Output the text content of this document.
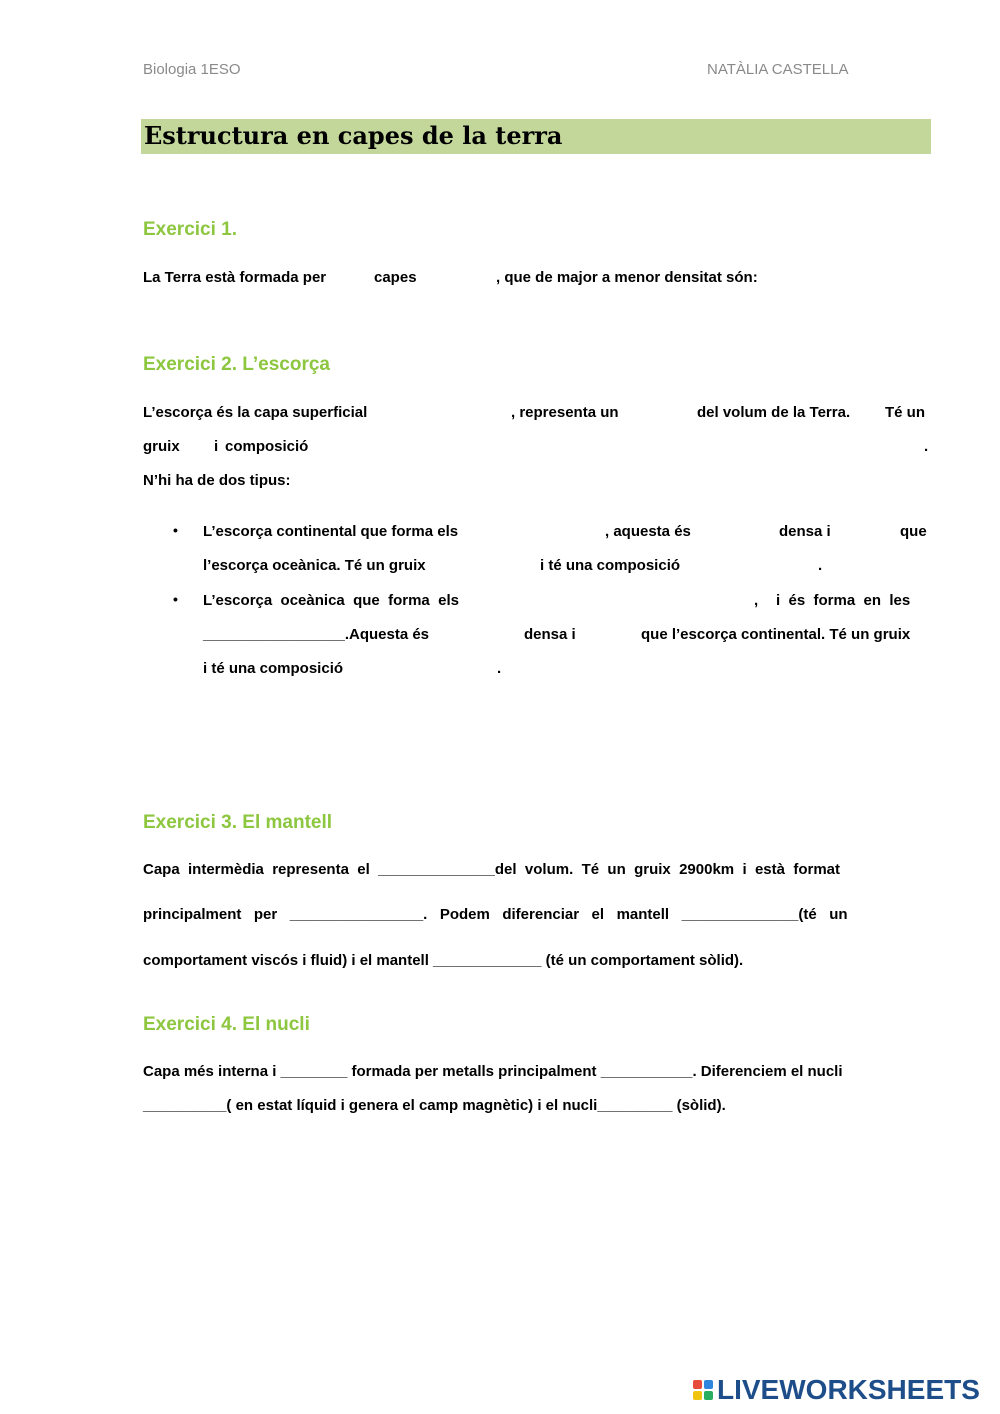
Biologia 1ESO	NATÀLIA CASTELLA
Estructura en capes de la terra
Exercici 1.
La Terra està formada per	capes	, que de major a menor densitat són:
Exercici 2. L’escorça
L’escorça és la capa superficial	, representa un	del volum de la Terra. Té un
gruix i composició	.
N’hi ha de dos tipus:
• L’escorça continental que forma els	, aquesta és	densa i	que
l’escorça oceànica. Té un gruix	i té una composició	.
• L’escorça  oceànica  que  forma  els	, i  és  forma  en  les
_________________.Aquesta és	densa i	que l’escorça continental. Té un gruix
i té una composició	.
Exercici 3. El mantell
Capa  intermèdia  representa  el  ______________del  volum.  Té  un  gruix  2900km  i  està  format
principalment   per   ________________.   Podem   diferenciar   el   mantell   ______________(té   un
comportament viscós i fluid) i el mantell _____________ (té un comportament sòlid).
Exercici 4. El nucli
Capa més interna i ________ formada per metalls principalment ___________. Diferenciem el nucli
__________( en estat líquid i genera el camp magnètic) i el nucli_________ (sòlid).
LIVEWORKSHEETS
